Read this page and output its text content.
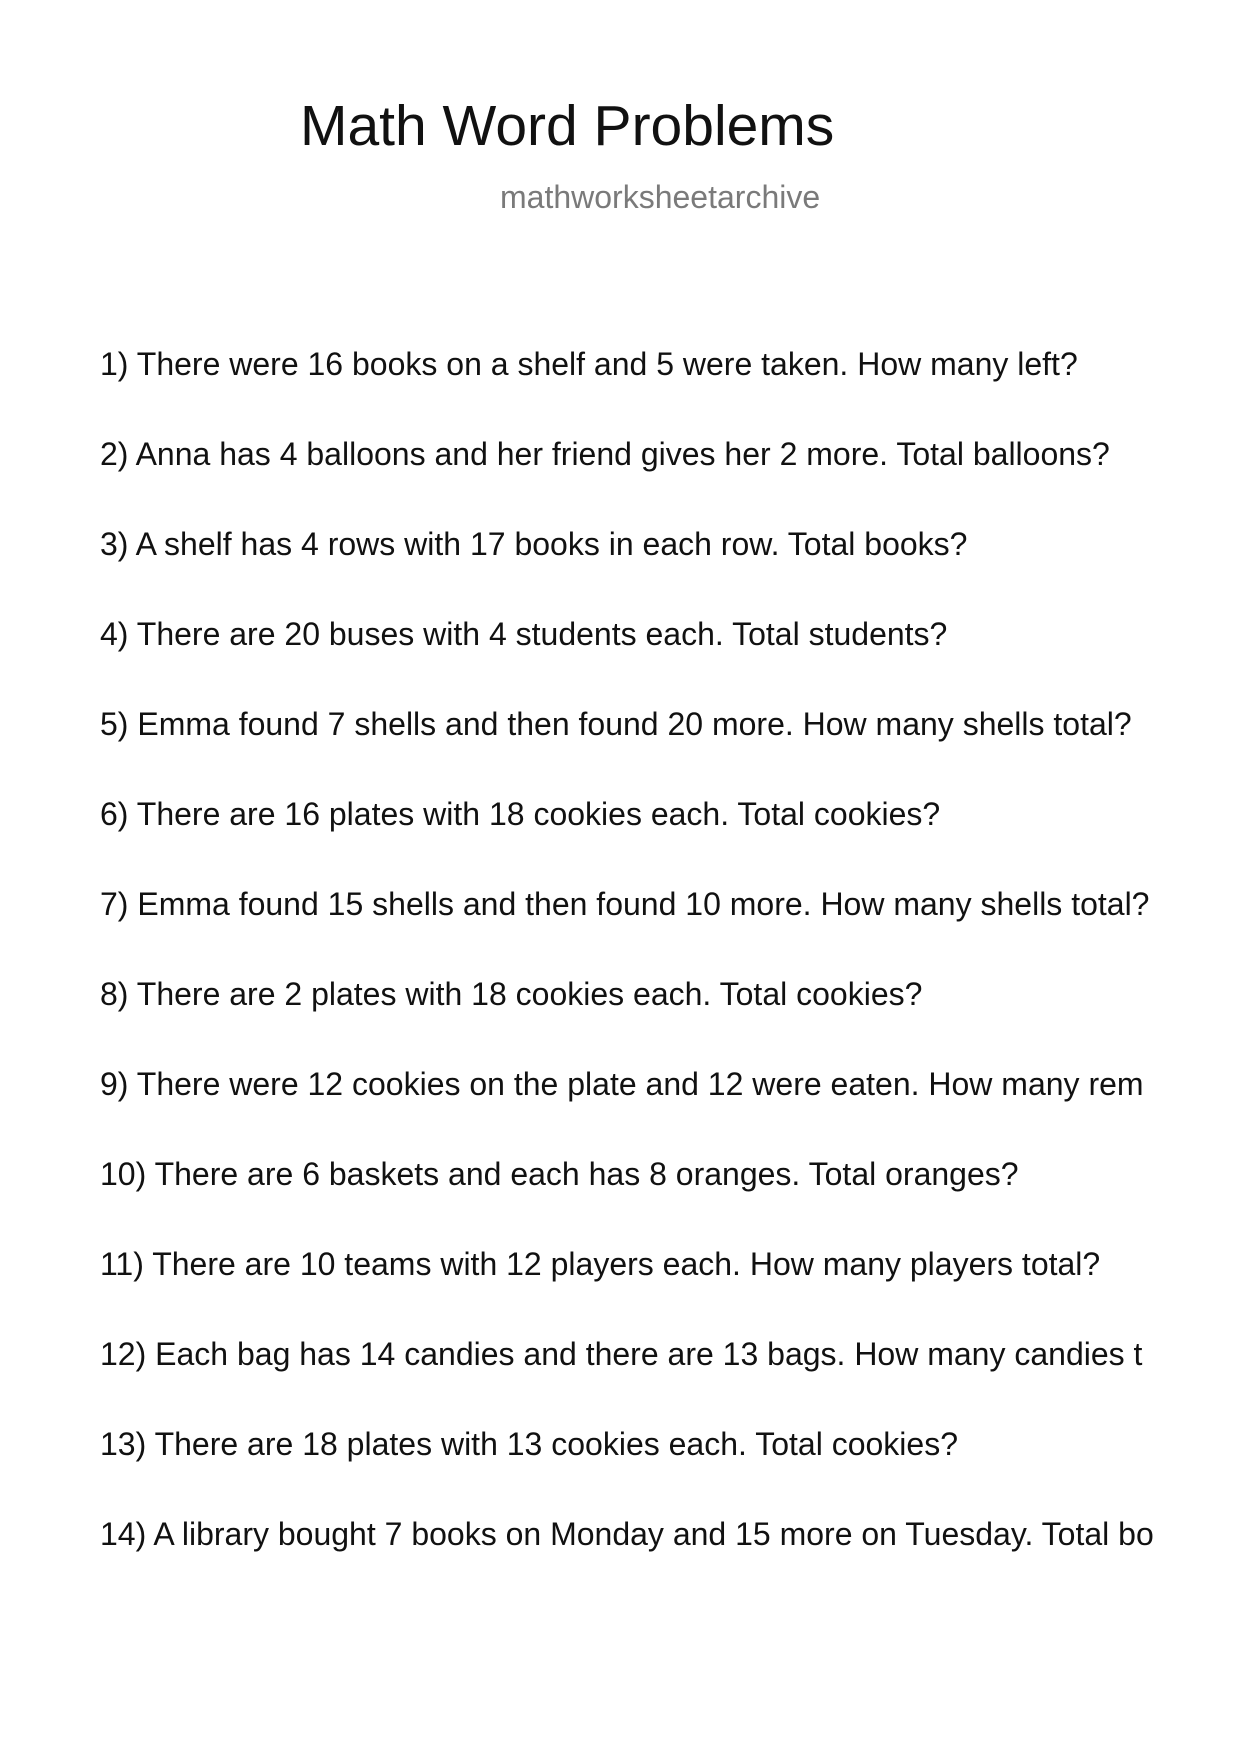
Math Word Problems
mathworksheetarchive
1) There were 16 books on a shelf and 5 were taken. How many left?
2) Anna has 4 balloons and her friend gives her 2 more. Total balloons?
3) A shelf has 4 rows with 17 books in each row. Total books?
4) There are 20 buses with 4 students each. Total students?
5) Emma found 7 shells and then found 20 more. How many shells total?
6) There are 16 plates with 18 cookies each. Total cookies?
7) Emma found 15 shells and then found 10 more. How many shells total?
8) There are 2 plates with 18 cookies each. Total cookies?
9) There were 12 cookies on the plate and 12 were eaten. How many rem
10) There are 6 baskets and each has 8 oranges. Total oranges?
11) There are 10 teams with 12 players each. How many players total?
12) Each bag has 14 candies and there are 13 bags. How many candies t
13) There are 18 plates with 13 cookies each. Total cookies?
14) A library bought 7 books on Monday and 15 more on Tuesday. Total bo
